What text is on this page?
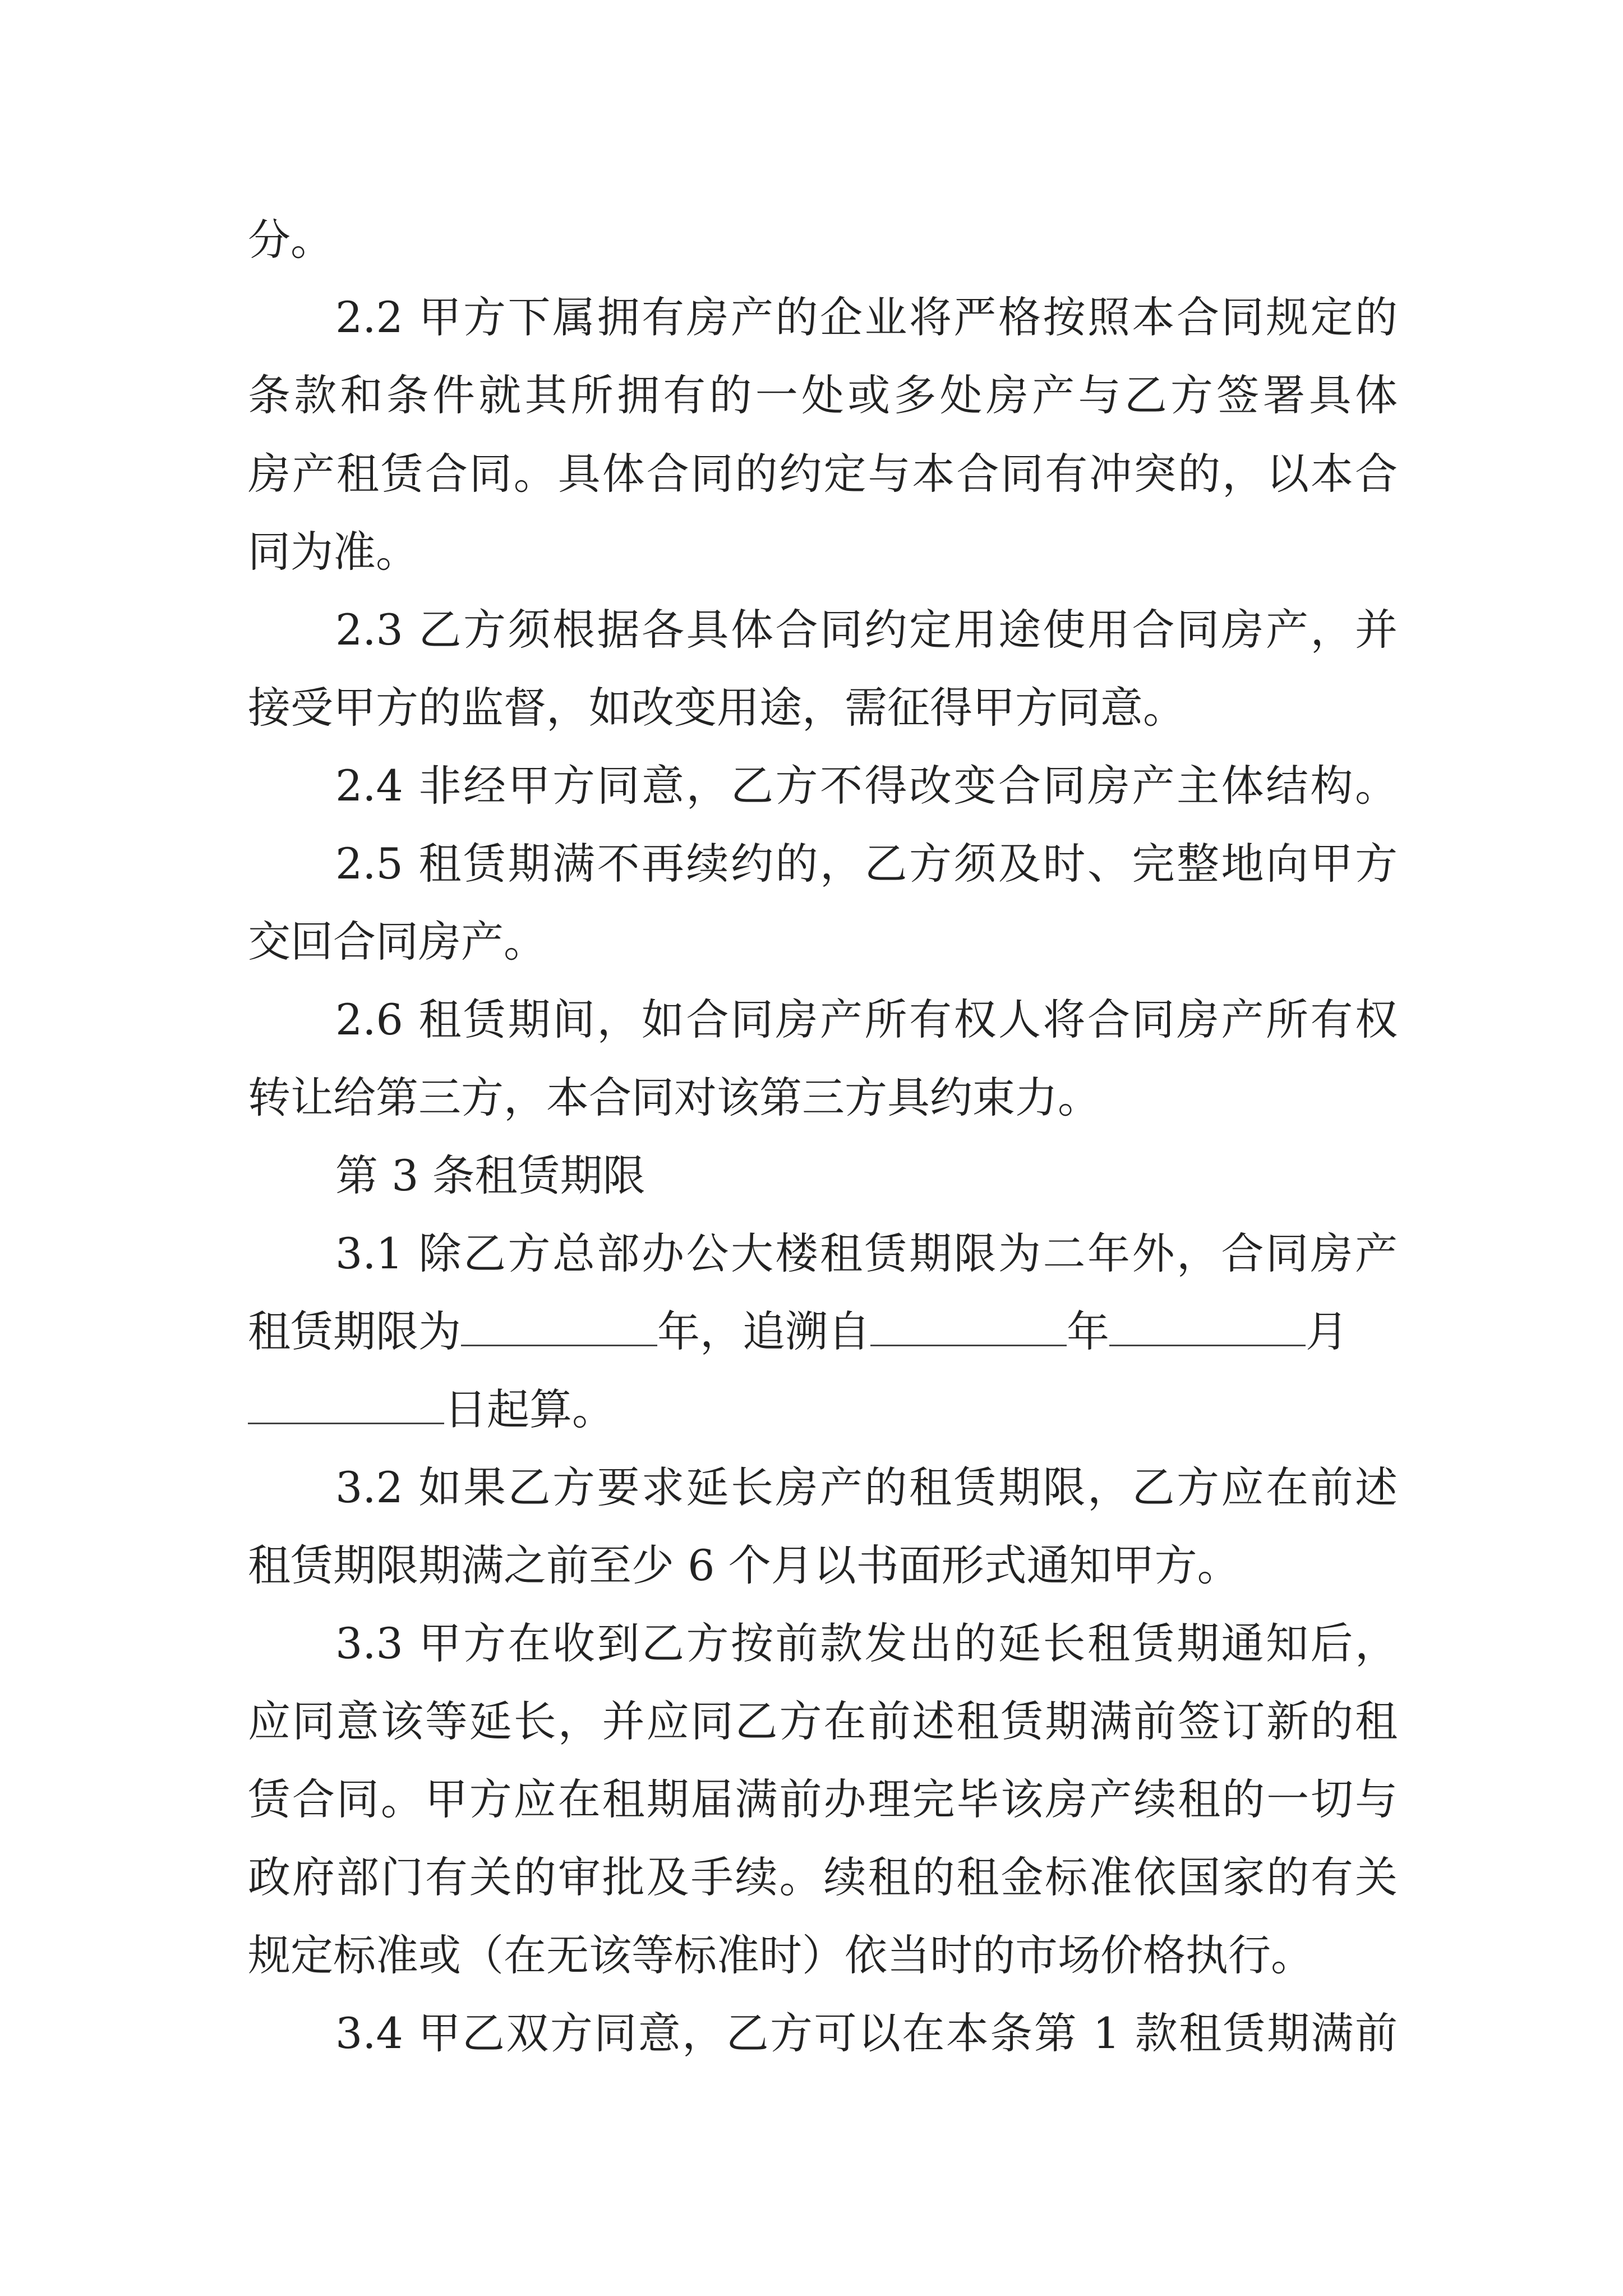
分。
2.2 甲方下属拥有房产的企业将严格按照本合同规定的
条款和条件就其所拥有的一处或多处房产与乙方签署具体
房产租赁合同。具体合同的约定与本合同有冲突的，以本合
同为准。
2.3 乙方须根据各具体合同约定用途使用合同房产，并
接受甲方的监督，如改变用途，需征得甲方同意。
2.4 非经甲方同意，乙方不得改变合同房产主体结构。
2.5 租赁期满不再续约的，乙方须及时、完整地向甲方
交回合同房产。
2.6 租赁期间，如合同房产所有权人将合同房产所有权
转让给第三方，本合同对该第三方具约束力。
第 3 条租赁期限
3.1 除乙方总部办公大楼租赁期限为二年外，合同房产
租赁期限为	年，追溯自	年	月
日起算。
3.2 如果乙方要求延长房产的租赁期限，乙方应在前述
租赁期限期满之前至少 6 个月以书面形式通知甲方。
3.3 甲方在收到乙方按前款发出的延长租赁期通知后，
应同意该等延长，并应同乙方在前述租赁期满前签订新的租
赁合同。甲方应在租期届满前办理完毕该房产续租的一切与
政府部门有关的审批及手续。续租的租金标准依国家的有关
规定标准或（在无该等标准时）依当时的市场价格执行。
3.4 甲乙双方同意，乙方可以在本条第 1 款租赁期满前
